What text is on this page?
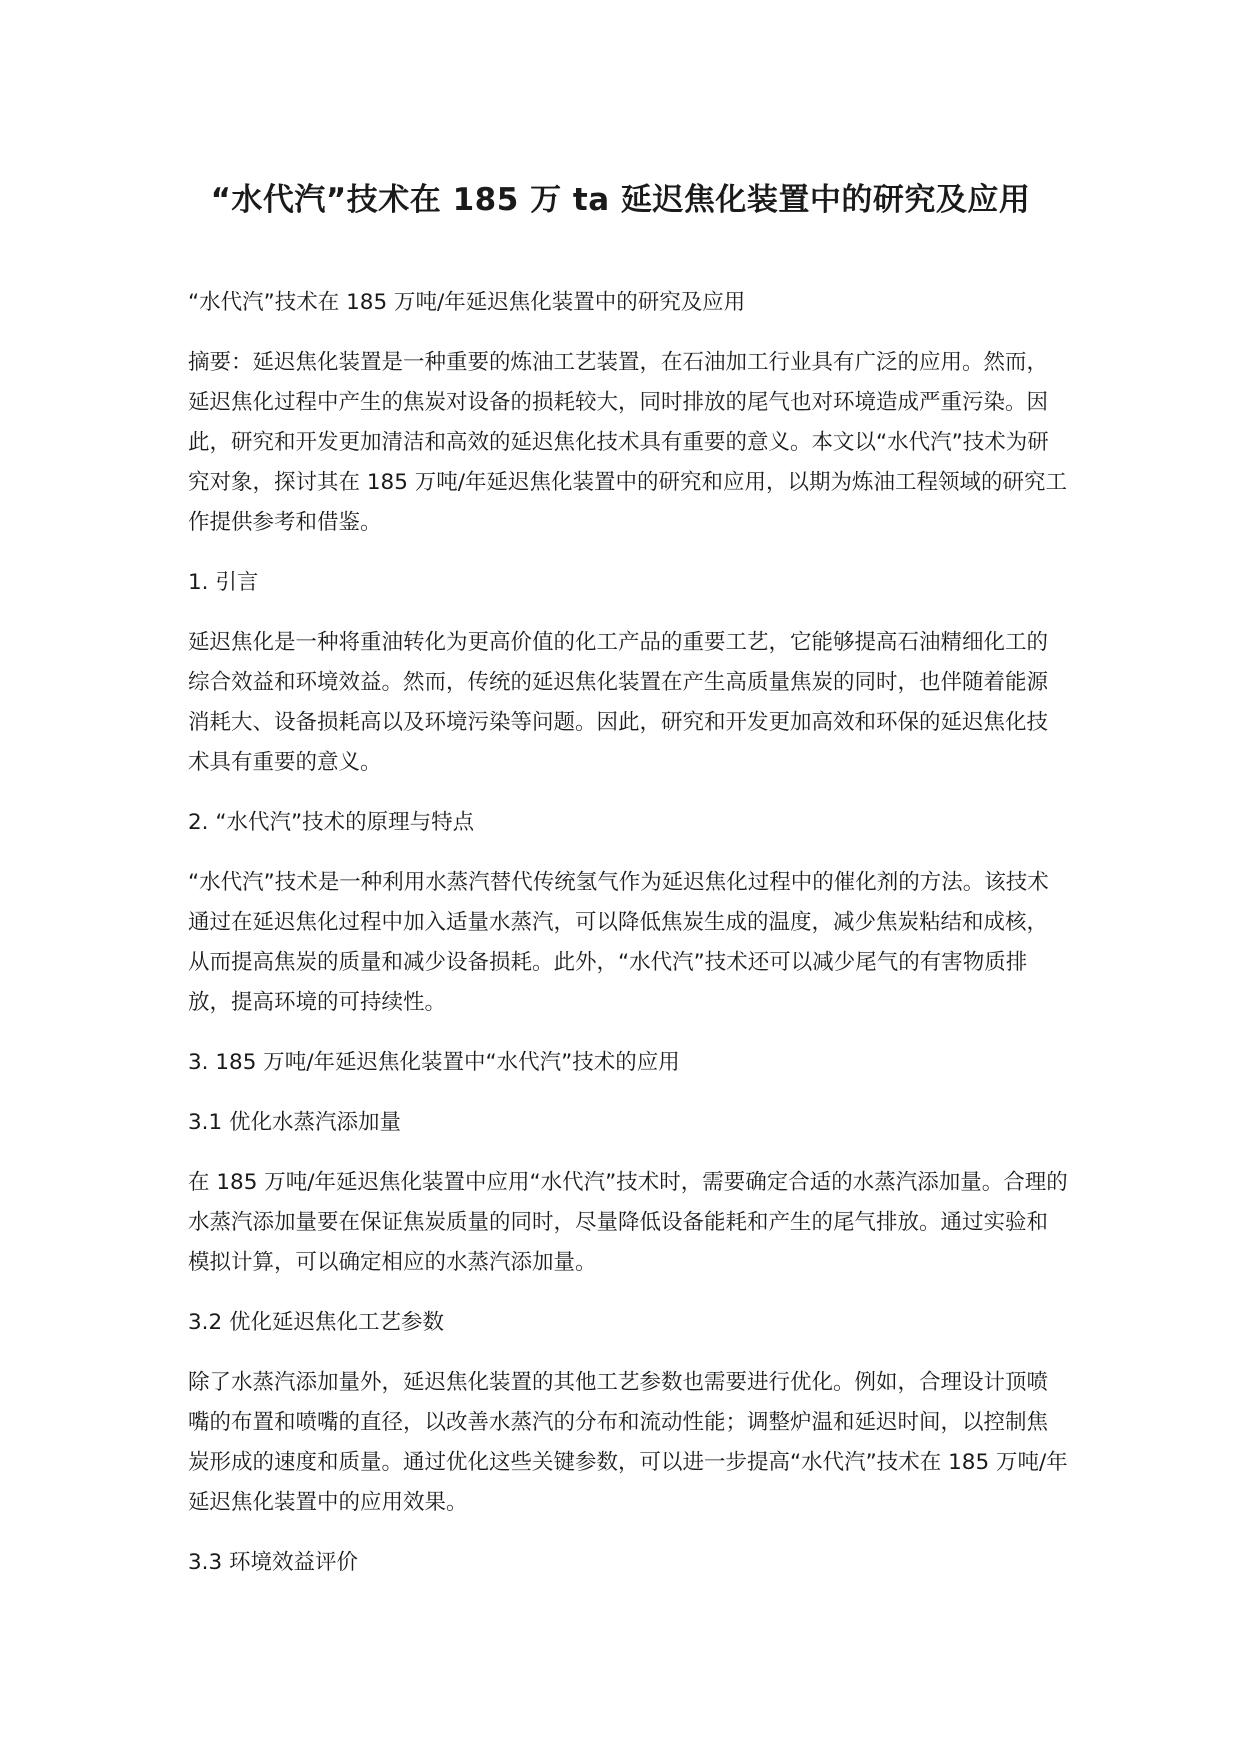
“水代汽”技术在 185 万 ta 延迟焦化装置中的研究及应用

“水代汽”技术在 185 万吨/年延迟焦化装置中的研究及应用

摘要：延迟焦化装置是一种重要的炼油工艺装置，在石油加工行业具有广泛的应用。然而，延迟焦化过程中产生的焦炭对设备的损耗较大，同时排放的尾气也对环境造成严重污染。因此，研究和开发更加清洁和高效的延迟焦化技术具有重要的意义。本文以“水代汽”技术为研究对象，探讨其在 185 万吨/年延迟焦化装置中的研究和应用，以期为炼油工程领域的研究工作提供参考和借鉴。

1. 引言

延迟焦化是一种将重油转化为更高价值的化工产品的重要工艺，它能够提高石油精细化工的综合效益和环境效益。然而，传统的延迟焦化装置在产生高质量焦炭的同时，也伴随着能源消耗大、设备损耗高以及环境污染等问题。因此，研究和开发更加高效和环保的延迟焦化技术具有重要的意义。

2. “水代汽”技术的原理与特点

“水代汽”技术是一种利用水蒸汽替代传统氢气作为延迟焦化过程中的催化剂的方法。该技术通过在延迟焦化过程中加入适量水蒸汽，可以降低焦炭生成的温度，减少焦炭粘结和成核，从而提高焦炭的质量和减少设备损耗。此外，“水代汽”技术还可以减少尾气的有害物质排放，提高环境的可持续性。

3. 185 万吨/年延迟焦化装置中“水代汽”技术的应用

3.1 优化水蒸汽添加量

在 185 万吨/年延迟焦化装置中应用“水代汽”技术时，需要确定合适的水蒸汽添加量。合理的水蒸汽添加量要在保证焦炭质量的同时，尽量降低设备能耗和产生的尾气排放。通过实验和模拟计算，可以确定相应的水蒸汽添加量。

3.2 优化延迟焦化工艺参数

除了水蒸汽添加量外，延迟焦化装置的其他工艺参数也需要进行优化。例如，合理设计顶喷嘴的布置和喷嘴的直径，以改善水蒸汽的分布和流动性能；调整炉温和延迟时间，以控制焦炭形成的速度和质量。通过优化这些关键参数，可以进一步提高“水代汽”技术在 185 万吨/年延迟焦化装置中的应用效果。

3.3 环境效益评价
